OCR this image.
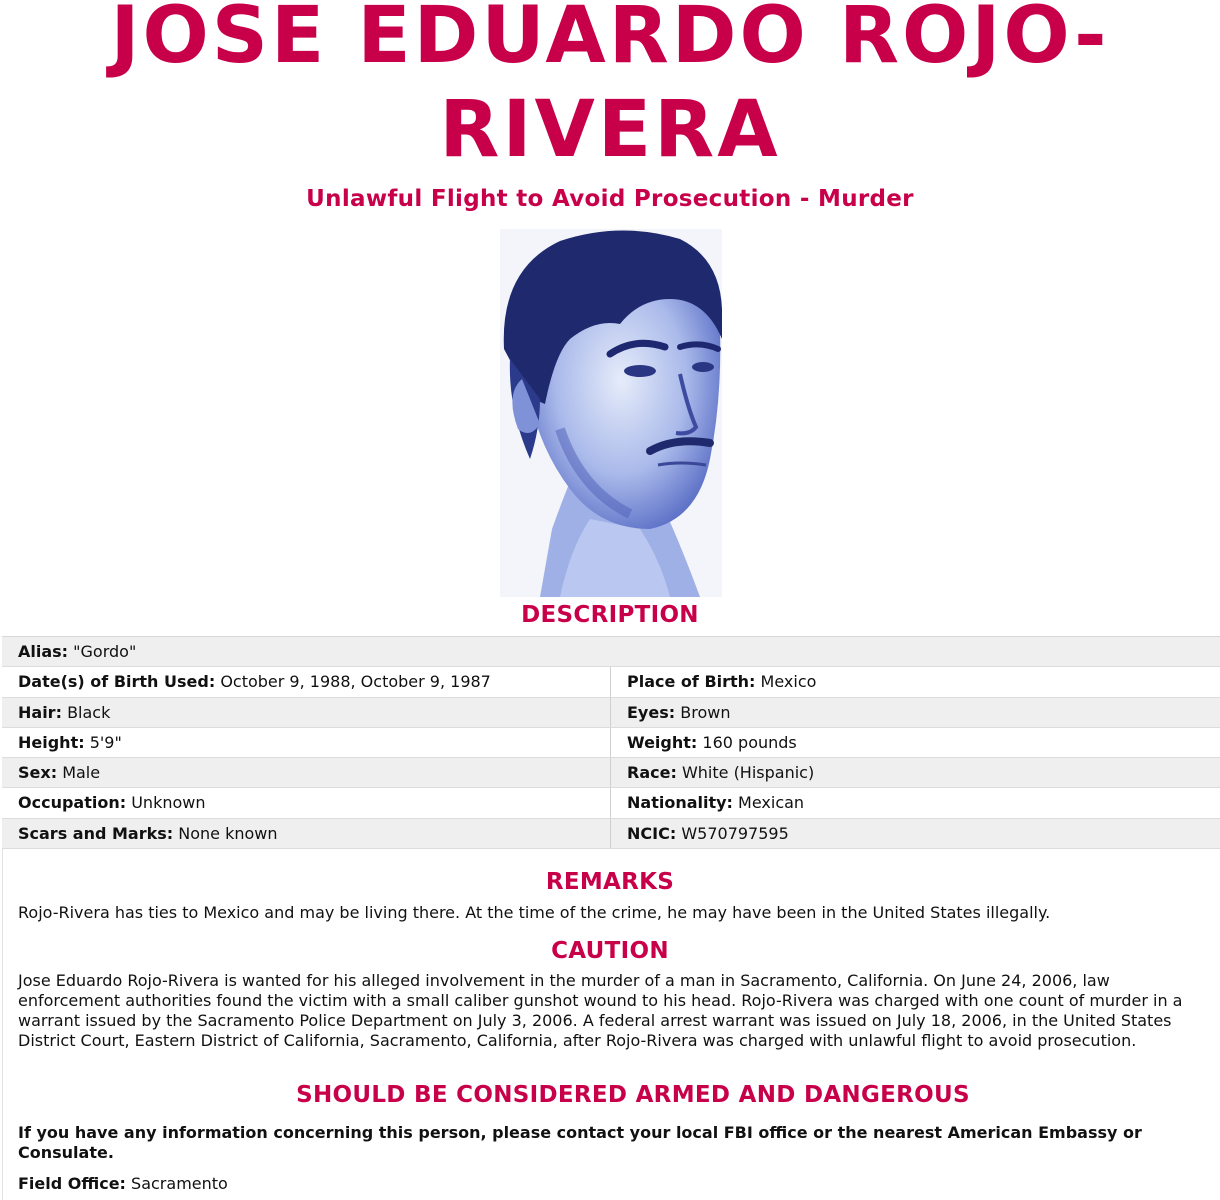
JOSE EDUARDO ROJO-
RIVERA
Unlawful Flight to Avoid Prosecution - Murder
DESCRIPTION
Alias: "Gordo"
Date(s) of Birth Used: October 9, 1988, October 9, 1987	Place of Birth: Mexico
Hair: Black	Eyes: Brown
Height: 5'9"	Weight: 160 pounds
Sex: Male	Race: White (Hispanic)
Occupation: Unknown	Nationality: Mexican
Scars and Marks: None known	NCIC: W570797595
REMARKS

Rojo-Rivera has ties to Mexico and may be living there. At the time of the crime, he may have been in the United States illegally.

CAUTION

Jose Eduardo Rojo-Rivera is wanted for his alleged involvement in the murder of a man in Sacramento, California. On June 24, 2006, law enforcement authorities found the victim with a small caliber gunshot wound to his head. Rojo-Rivera was charged with one count of murder in a warrant issued by the Sacramento Police Department on July 3, 2006. A federal arrest warrant was issued on July 18, 2006, in the United States District Court, Eastern District of California, Sacramento, California, after Rojo-Rivera was charged with unlawful flight to avoid prosecution.

SHOULD BE CONSIDERED ARMED AND DANGEROUS

If you have any information concerning this person, please contact your local FBI office or the nearest American Embassy or Consulate.

Field Office: Sacramento
